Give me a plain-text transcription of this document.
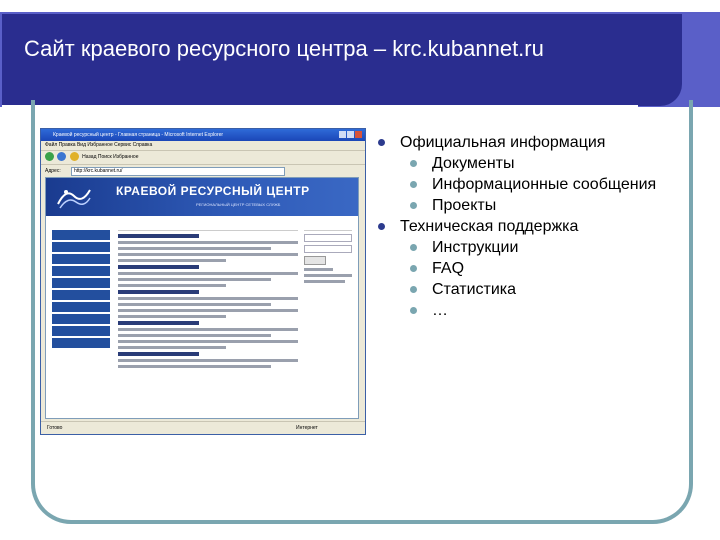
Сайт краевого ресурсного центра – krc.kubannet.ru
Краевой ресурсный центр - Главная страница - Microsoft Internet Explorer
Файл Правка Вид Избранное Сервис Справка
Назад Поиск Избранное
Адрес:	http://krc.kubannet.ru/
КРАЕВОЙ РЕСУРСНЫЙ ЦЕНТР
РЕГИОНАЛЬНЫЙ ЦЕНТР СЕТЕВЫХ СЛУЖБ
Готово	Интернет
Официальная информация
Документы
Информационные сообщения
Проекты
Техническая поддержка
Инструкции
FAQ
Статистика
…
